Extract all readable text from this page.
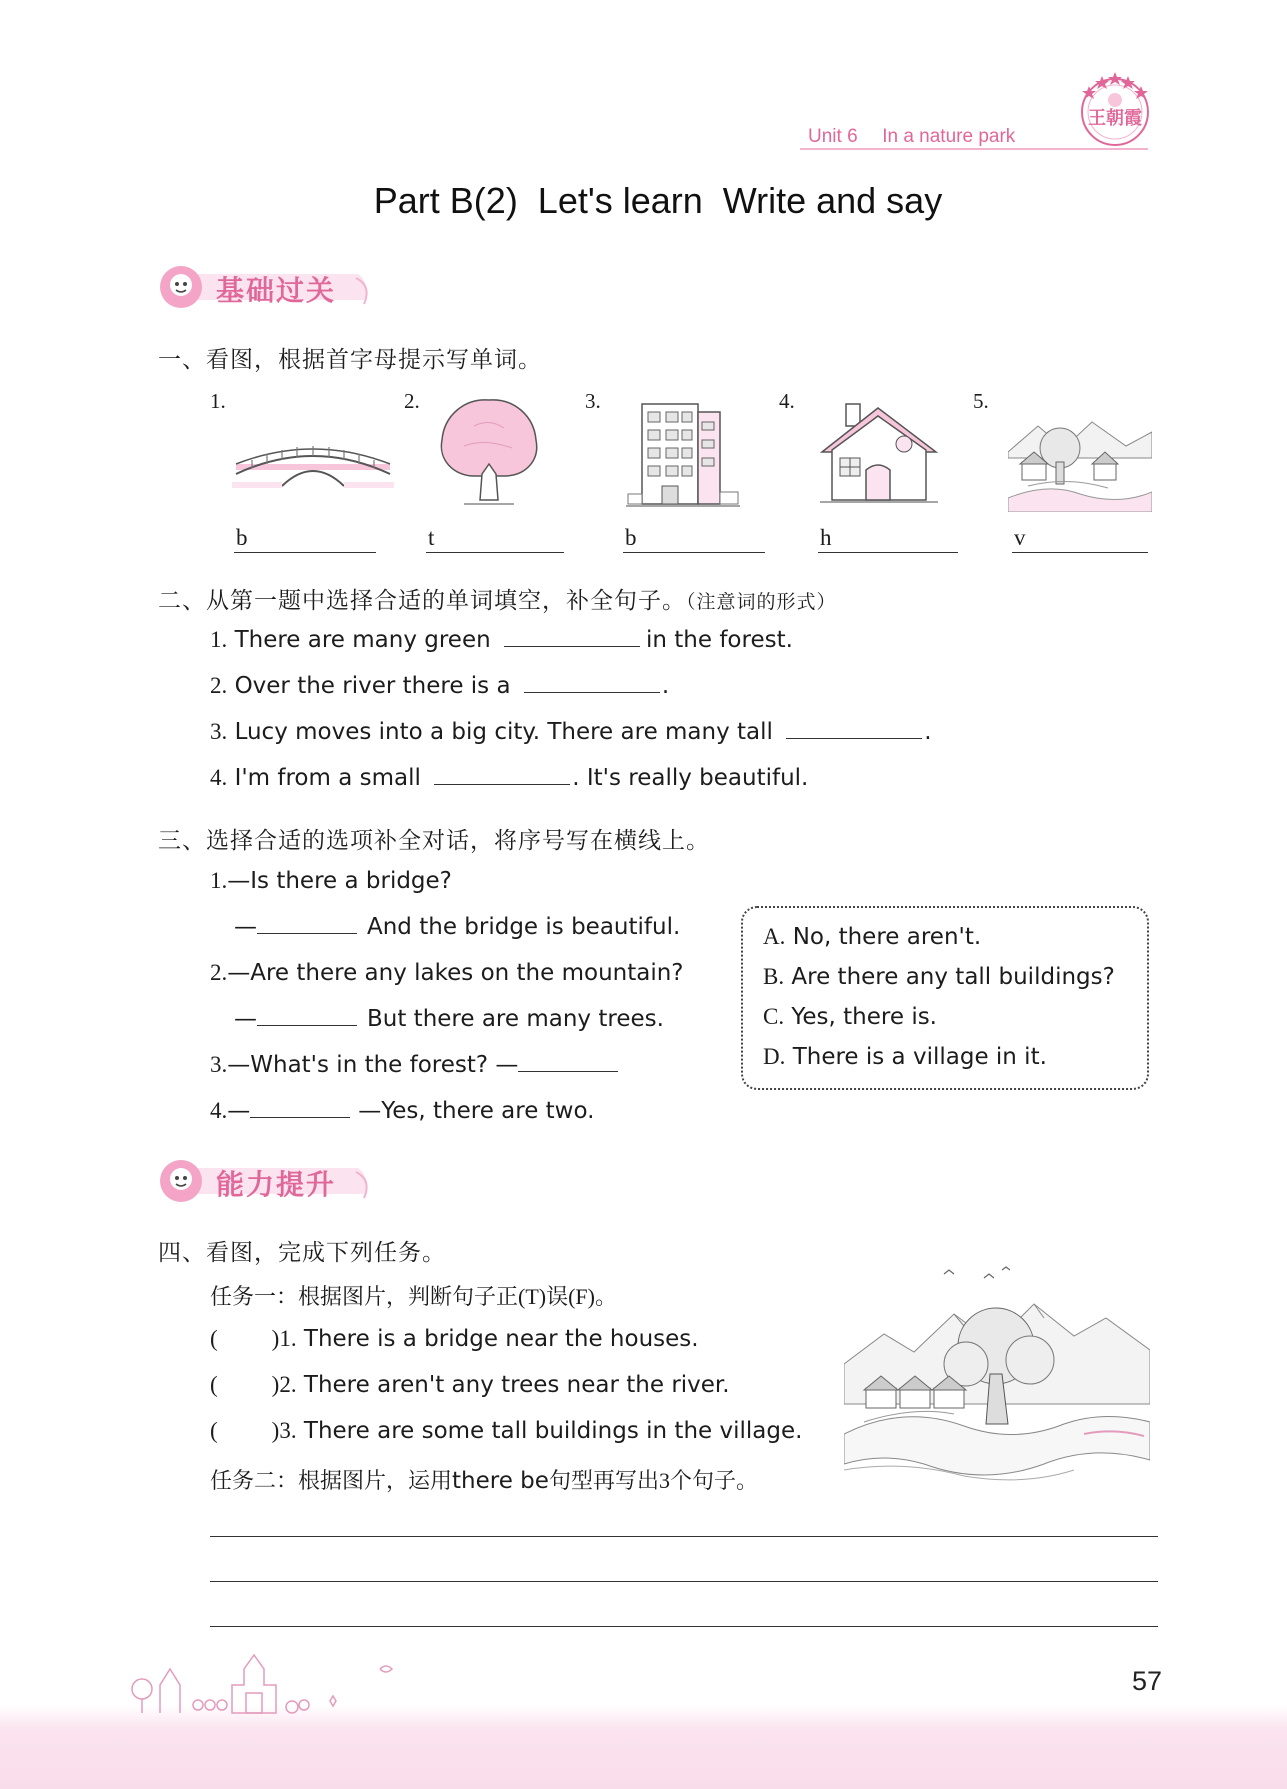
Unit 6 In a nature park
王朝霞
Part B(2)  Let's learn  Write and say
基础过关
一、看图，根据首字母提示写单词。
1.
b
2.
t
3.
b
4.
h
5.
v
二、从第一题中选择合适的单词填空，补全句子。（注意词的形式）
1. There are many green	in the forest.
2. Over the river there is a	.
3. Lucy moves into a big city. There are many tall	.
4. I'm from a small	. It's really beautiful.
三、选择合适的选项补全对话，将序号写在横线上。
1.—Is there a bridge?
—	And the bridge is beautiful.
2.—Are there any lakes on the mountain?
—	But there are many trees.
3.—What's in the forest? —
4.—	—Yes, there are two.
A. No, there aren't.
B. Are there any tall buildings?
C. Yes, there is.
D. There is a village in it.
能力提升
四、看图，完成下列任务。
任务一：根据图片，判断句子正(T)误(F)。
( )1. There is a bridge near the houses.
( )2. There aren't any trees near the river.
( )3. There are some tall buildings in the village.
任务二：根据图片，运用there be句型再写出3个句子。
57
